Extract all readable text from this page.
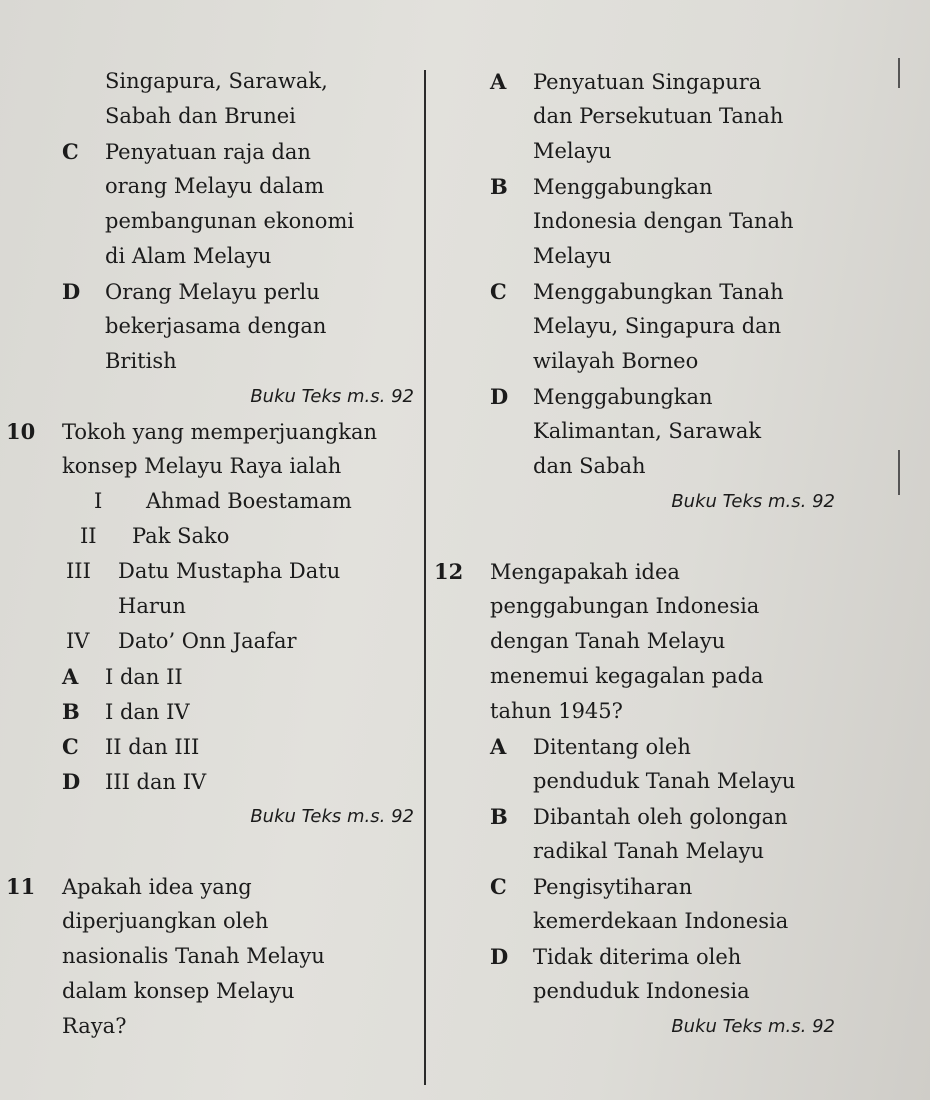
Singapura, Sarawak,
Sabah dan Brunei
C Penyatuan raja dan
orang Melayu dalam
pembangunan ekonomi
di Alam Melayu
D Orang Melayu perlu
bekerjasama dengan
British
Buku Teks m.s. 92
10 Tokoh yang memperjuangkan
konsep Melayu Raya ialah
I Ahmad Boestamam
II Pak Sako
III Datu Mustapha Datu
Harun
IV Dato’ Onn Jaafar
A I dan II
B I dan IV
C II dan III
D III dan IV
Buku Teks m.s. 92
11 Apakah idea yang
diperjuangkan oleh
nasionalis Tanah Melayu
dalam konsep Melayu
Raya?
A Penyatuan Singapura
dan Persekutuan Tanah
Melayu
B Menggabungkan
Indonesia dengan Tanah
Melayu
C Menggabungkan Tanah
Melayu, Singapura dan
wilayah Borneo
D Menggabungkan
Kalimantan, Sarawak
dan Sabah
Buku Teks m.s. 92
12 Mengapakah idea
penggabungan Indonesia
dengan Tanah Melayu
menemui kegagalan pada
tahun 1945?
A Ditentang oleh
penduduk Tanah Melayu
B Dibantah oleh golongan
radikal Tanah Melayu
C Pengisytiharan
kemerdekaan Indonesia
D Tidak diterima oleh
penduduk Indonesia
Buku Teks m.s. 92
